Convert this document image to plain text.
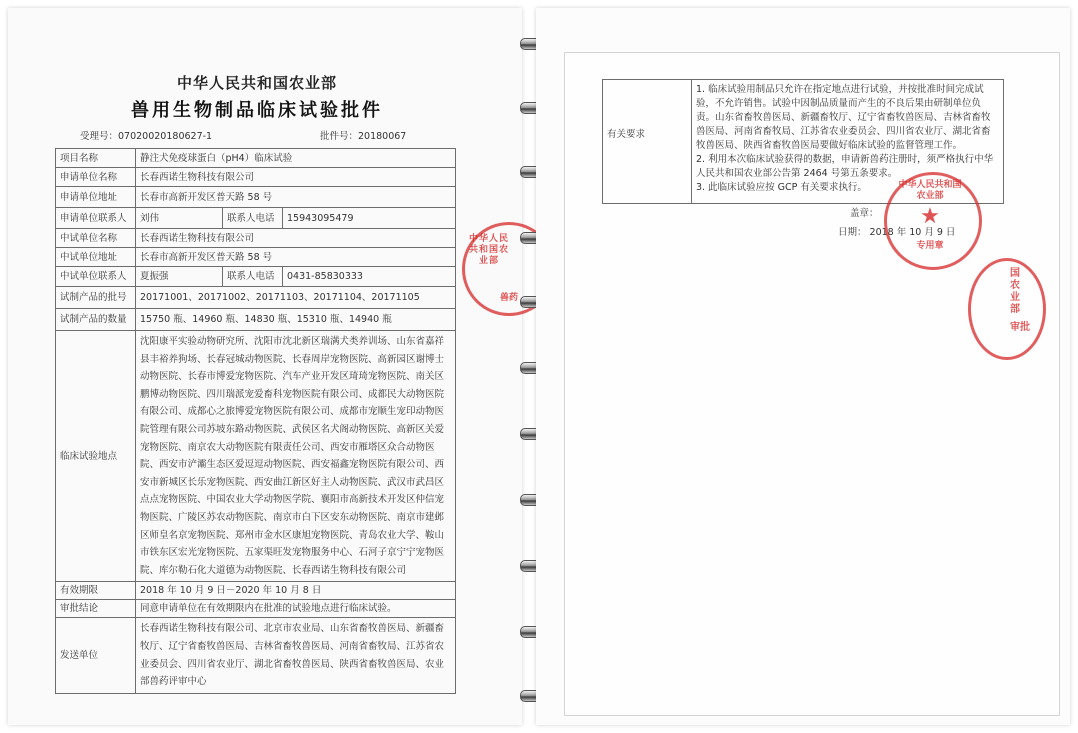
中华人民共和国农业部
兽用生物制品临床试验批件
受理号：07020020180627-1	批件号：20180067
项目名称	静注犬免疫球蛋白（pH4）临床试验		
申请单位名称	长春西诺生物科技有限公司		
申请单位地址	长春市高新开发区普天路 58 号		
申请单位联系人	刘伟	联系人电话	15943095479
中试单位名称	长春西诺生物科技有限公司		
中试单位地址	长春市高新开发区普天路 58 号		
中试单位联系人	夏振强	联系人电话	0431-85830333
试制产品的批号	20171001、20171002、20171103、20171104、20171105		
试制产品的数量	15750 瓶、14960 瓶、14830 瓶、15310 瓶、14940 瓶		
临床试验地点	沈阳康平实验动物研究所、沈阳市沈北新区瑞满犬类养训场、山东省嘉祥县丰裕养狗场、长春冠城动物医院、长春周岸宠物医院、高新园区谢博士动物医院、长春市博爱宠物医院、汽车产业开发区琦琦宠物医院、南关区鹏博动物医院、四川瑞派宠爱畜科宠物医院有限公司、成都民大动物医院有限公司、成都心之旅博爱宠物医院有限公司、成都市宠顺生宠印动物医院管理有限公司苏坡东路动物医院、武侯区名犬阁动物医院、高新区关爱宠物医院、南京农大动物医院有限责任公司、西安市雁塔区众合动物医院、西安市浐灞生态区爱逗逗动物医院、西安福鑫宠物医院有限公司、西安市新城区长乐宠物医院、西安曲江新区好主人动物医院、武汉市武昌区点点宠物医院、中国农业大学动物医学院、襄阳市高新技术开发区仲信宠物医院、广陵区苏农动物医院、南京市白下区安东动物医院、南京市建邺区师皇名京宠物医院、郑州市金水区康旭宠物医院、青岛农业大学、鞍山市铁东区宏光宠物医院、五家渠旺发宠物服务中心、石河子京宁宁宠物医院、库尔勒石化大道德为动物医院、长春西诺生物科技有限公司		
有效期限	2018 年 10 月 9 日－2020 年 10 月 8 日		
审批结论	同意申请单位在有效期限内在批准的试验地点进行临床试验。		
发送单位	长春西诺生物科技有限公司、北京市农业局、山东省畜牧兽医局、新疆畜牧厅、辽宁省畜牧兽医局、吉林省畜牧兽医局、河南省畜牧局、江苏省农业委员会、四川省农业厅、湖北省畜牧兽医局、陕西省畜牧兽医局、农业部兽药评审中心		
中华人民共和国农业部
兽药
有关要求	1. 临床试验用制品只允许在指定地点进行试验，并按批准时间完成试验，不允许销售。试验中因制品质量而产生的不良后果由研制单位负责。山东省畜牧兽医局、新疆畜牧厅、辽宁省畜牧兽医局、吉林省畜牧兽医局、河南省畜牧局、江苏省农业委员会、四川省农业厅、湖北省畜牧兽医局、陕西省畜牧兽医局要做好临床试验的监督管理工作。
2. 利用本次临床试验获得的数据，申请新兽药注册时，须严格执行中华人民共和国农业部公告第 2464 号第五条要求。
3. 此临床试验应按 GCP 有关要求执行。
盖章：
日期： 2018 年 10 月 9 日
中华人民共和国农业部
★
专用章
国农业部
审批
